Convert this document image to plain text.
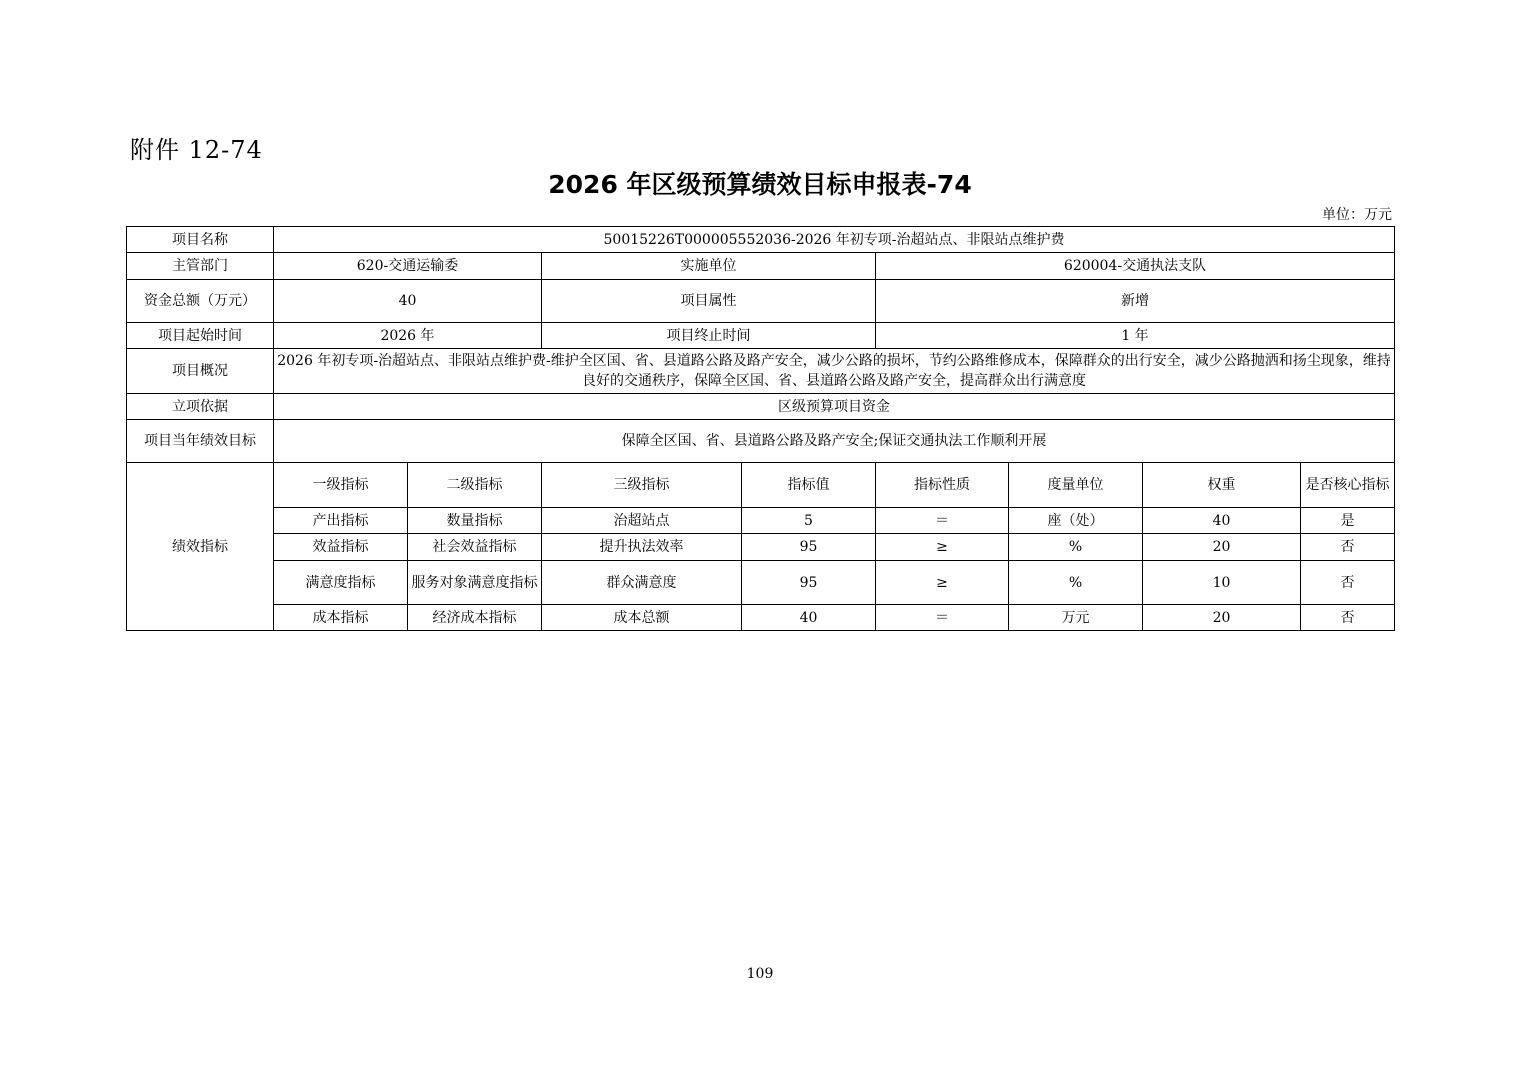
附件 12-74
2026 年区级预算绩效目标申报表-74
单位：万元
项目名称	50015226T000005552036-2026 年初专项-治超站点、非限站点维护费							
主管部门	620-交通运输委		实施单位		620004-交通执法支队			
资金总额（万元）	40		项目属性		新增			
项目起始时间	2026 年		项目终止时间		1 年			
项目概况	2026 年初专项-治超站点、非限站点维护费-维护全区国、省、县道路公路及路产安全，减少公路的损坏，节约公路维修成本，保障群众的出行安全，减少公路抛洒和扬尘现象，维持良好的交通秩序，保障全区国、省、县道路公路及路产安全，提高群众出行满意度							
立项依据	区级预算项目资金							
项目当年绩效目标	保障全区国、省、县道路公路及路产安全;保证交通执法工作顺利开展							
绩效指标	一级指标	二级指标	三级指标	指标值	指标性质	度量单位	权重	是否核心指标
	产出指标	数量指标	治超站点	5	＝	座（处）	40	是
	效益指标	社会效益指标	提升执法效率	95	≥	%	20	否
	满意度指标	服务对象满意度指标	群众满意度	95	≥	%	10	否
	成本指标	经济成本指标	成本总额	40	＝	万元	20	否
109
